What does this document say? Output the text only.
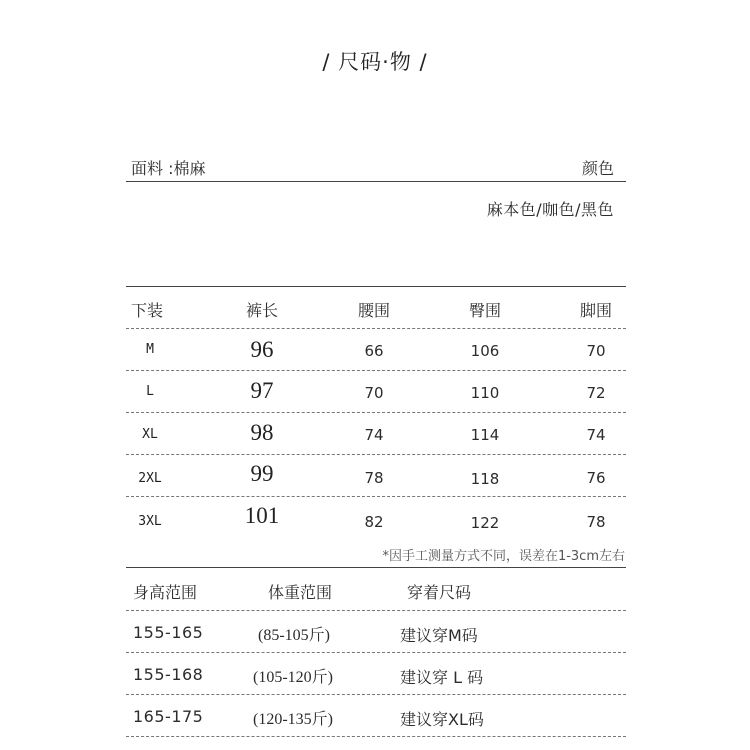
/ 尺码·物 /
面料 :棉麻	颜色
麻本色/咖色/黑色
下装	裤长	腰围	臀围	脚围
M	96	66	106	70
L	97	70	110	72
XL	98	74	114	74
2XL	99	78	118	76
3XL	101	82	122	78
*因手工测量方式不同，误差在1-3cm左右
身高范围	体重范围	穿着尺码
155-165	(85-105斤)	建议穿M码
155-168	(105-120斤)	建议穿 L 码
165-175	(120-135斤)	建议穿XL码
